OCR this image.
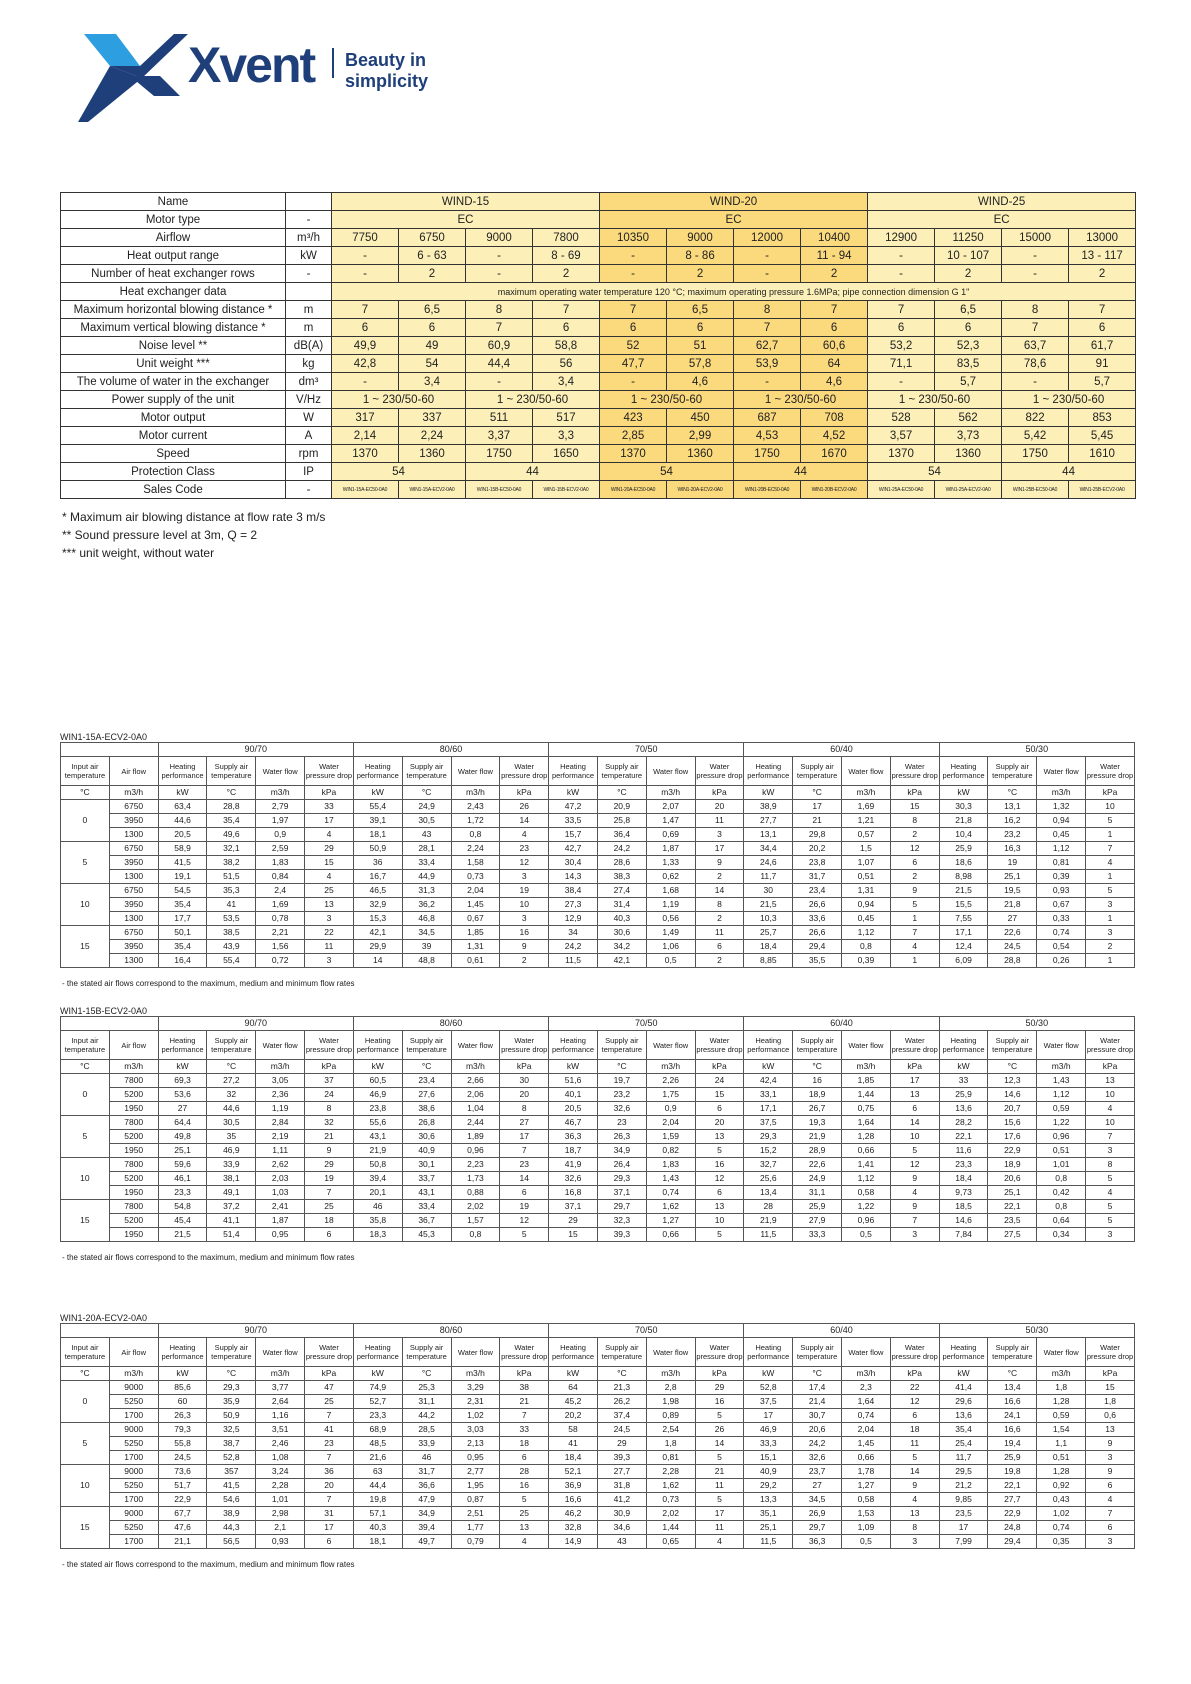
Xvent Beauty in simplicity
Name		WIND-15				WIND-20				WIND-25			
Motor type	-	EC				EC				EC			
Airflow	m³/h	7750	6750	9000	7800	10350	9000	12000	10400	12900	11250	15000	13000
Heat output range	kW	-	6 - 63	-	8 - 69	-	8 - 86	-	11 - 94	-	10 - 107	-	13 - 117
Number of heat exchanger rows	-	-	2	-	2	-	2	-	2	-	2	-	2
Heat exchanger data		maximum operating water temperature 120 °C; maximum operating pressure 1.6MPa; pipe connection dimension G 1"											
Maximum horizontal blowing distance *	m	7	6,5	8	7	7	6,5	8	7	7	6,5	8	7
Maximum vertical blowing distance *	m	6	6	7	6	6	6	7	6	6	6	7	6
Noise level **	dB(A)	49,9	49	60,9	58,8	52	51	62,7	60,6	53,2	52,3	63,7	61,7
Unit weight ***	kg	42,8	54	44,4	56	47,7	57,8	53,9	64	71,1	83,5	78,6	91
The volume of water in the exchanger	dm³	-	3,4	-	3,4	-	4,6	-	4,6	-	5,7	-	5,7
Power supply of the unit	V/Hz	1 ~ 230/50-60		1 ~ 230/50-60		1 ~ 230/50-60		1 ~ 230/50-60		1 ~ 230/50-60		1 ~ 230/50-60	
Motor output	W	317	337	511	517	423	450	687	708	528	562	822	853
Motor current	A	2,14	2,24	3,37	3,3	2,85	2,99	4,53	4,52	3,57	3,73	5,42	5,45
Speed	rpm	1370	1360	1750	1650	1370	1360	1750	1670	1370	1360	1750	1610
Protection Class	IP	54		44		54		44		54		44	
Sales Code	-	WIN1-15A-EC50-0A0	WIN1-15A-ECV2-0A0	WIN1-15B-EC50-0A0	WIN1-15B-ECV2-0A0	WIN1-20A-EC50-0A0	WIN1-20A-ECV2-0A0	WIN1-20B-EC50-0A0	WIN1-20B-ECV2-0A0	WIN1-25A-EC50-0A0	WIN1-25A-ECV2-0A0	WIN1-25B-EC50-0A0	WIN1-25B-ECV2-0A0
* Maximum air blowing distance at flow rate 3 m/s
** Sound pressure level at 3m, Q = 2
*** unit weight, without water
WIN1-15A-ECV2-0A0
		90/70				80/60				70/50				60/40				50/30			
Input air temperature	Air flow	Heating performance	Supply air temperature	Water flow	Water pressure drop	Heating performance	Supply air temperature	Water flow	Water pressure drop	Heating performance	Supply air temperature	Water flow	Water pressure drop	Heating performance	Supply air temperature	Water flow	Water pressure drop	Heating performance	Supply air temperature	Water flow	Water pressure drop
°C	m3/h	kW	°C	m3/h	kPa	kW	°C	m3/h	kPa	kW	°C	m3/h	kPa	kW	°C	m3/h	kPa	kW	°C	m3/h	kPa
0	6750	63,4	28,8	2,79	33	55,4	24,9	2,43	26	47,2	20,9	2,07	20	38,9	17	1,69	15	30,3	13,1	1,32	10
	3950	44,6	35,4	1,97	17	39,1	30,5	1,72	14	33,5	25,8	1,47	11	27,7	21	1,21	8	21,8	16,2	0,94	5
	1300	20,5	49,6	0,9	4	18,1	43	0,8	4	15,7	36,4	0,69	3	13,1	29,8	0,57	2	10,4	23,2	0,45	1
5	6750	58,9	32,1	2,59	29	50,9	28,1	2,24	23	42,7	24,2	1,87	17	34,4	20,2	1,5	12	25,9	16,3	1,12	7
	3950	41,5	38,2	1,83	15	36	33,4	1,58	12	30,4	28,6	1,33	9	24,6	23,8	1,07	6	18,6	19	0,81	4
	1300	19,1	51,5	0,84	4	16,7	44,9	0,73	3	14,3	38,3	0,62	2	11,7	31,7	0,51	2	8,98	25,1	0,39	1
10	6750	54,5	35,3	2,4	25	46,5	31,3	2,04	19	38,4	27,4	1,68	14	30	23,4	1,31	9	21,5	19,5	0,93	5
	3950	35,4	41	1,69	13	32,9	36,2	1,45	10	27,3	31,4	1,19	8	21,5	26,6	0,94	5	15,5	21,8	0,67	3
	1300	17,7	53,5	0,78	3	15,3	46,8	0,67	3	12,9	40,3	0,56	2	10,3	33,6	0,45	1	7,55	27	0,33	1
15	6750	50,1	38,5	2,21	22	42,1	34,5	1,85	16	34	30,6	1,49	11	25,7	26,6	1,12	7	17,1	22,6	0,74	3
	3950	35,4	43,9	1,56	11	29,9	39	1,31	9	24,2	34,2	1,06	6	18,4	29,4	0,8	4	12,4	24,5	0,54	2
	1300	16,4	55,4	0,72	3	14	48,8	0,61	2	11,5	42,1	0,5	2	8,85	35,5	0,39	1	6,09	28,8	0,26	1
- the stated air flows correspond to the maximum, medium and minimum flow rates
WIN1-15B-ECV2-0A0
		90/70				80/60				70/50				60/40				50/30			
Input air temperature	Air flow	Heating performance	Supply air temperature	Water flow	Water pressure drop	Heating performance	Supply air temperature	Water flow	Water pressure drop	Heating performance	Supply air temperature	Water flow	Water pressure drop	Heating performance	Supply air temperature	Water flow	Water pressure drop	Heating performance	Supply air temperature	Water flow	Water pressure drop
°C	m3/h	kW	°C	m3/h	kPa	kW	°C	m3/h	kPa	kW	°C	m3/h	kPa	kW	°C	m3/h	kPa	kW	°C	m3/h	kPa
0	7800	69,3	27,2	3,05	37	60,5	23,4	2,66	30	51,6	19,7	2,26	24	42,4	16	1,85	17	33	12,3	1,43	13
	5200	53,6	32	2,36	24	46,9	27,6	2,06	20	40,1	23,2	1,75	15	33,1	18,9	1,44	13	25,9	14,6	1,12	10
	1950	27	44,6	1,19	8	23,8	38,6	1,04	8	20,5	32,6	0,9	6	17,1	26,7	0,75	6	13,6	20,7	0,59	4
5	7800	64,4	30,5	2,84	32	55,6	26,8	2,44	27	46,7	23	2,04	20	37,5	19,3	1,64	14	28,2	15,6	1,22	10
	5200	49,8	35	2,19	21	43,1	30,6	1,89	17	36,3	26,3	1,59	13	29,3	21,9	1,28	10	22,1	17,6	0,96	7
	1950	25,1	46,9	1,11	9	21,9	40,9	0,96	7	18,7	34,9	0,82	5	15,2	28,9	0,66	5	11,6	22,9	0,51	3
10	7800	59,6	33,9	2,62	29	50,8	30,1	2,23	23	41,9	26,4	1,83	16	32,7	22,6	1,41	12	23,3	18,9	1,01	8
	5200	46,1	38,1	2,03	19	39,4	33,7	1,73	14	32,6	29,3	1,43	12	25,6	24,9	1,12	9	18,4	20,6	0,8	5
	1950	23,3	49,1	1,03	7	20,1	43,1	0,88	6	16,8	37,1	0,74	6	13,4	31,1	0,58	4	9,73	25,1	0,42	4
15	7800	54,8	37,2	2,41	25	46	33,4	2,02	19	37,1	29,7	1,62	13	28	25,9	1,22	9	18,5	22,1	0,8	5
	5200	45,4	41,1	1,87	18	35,8	36,7	1,57	12	29	32,3	1,27	10	21,9	27,9	0,96	7	14,6	23,5	0,64	5
	1950	21,5	51,4	0,95	6	18,3	45,3	0,8	5	15	39,3	0,66	5	11,5	33,3	0,5	3	7,84	27,5	0,34	3
- the stated air flows correspond to the maximum, medium and minimum flow rates
WIN1-20A-ECV2-0A0
		90/70				80/60				70/50				60/40				50/30			
Input air temperature	Air flow	Heating performance	Supply air temperature	Water flow	Water pressure drop	Heating performance	Supply air temperature	Water flow	Water pressure drop	Heating performance	Supply air temperature	Water flow	Water pressure drop	Heating performance	Supply air temperature	Water flow	Water pressure drop	Heating performance	Supply air temperature	Water flow	Water pressure drop
°C	m3/h	kW	°C	m3/h	kPa	kW	°C	m3/h	kPa	kW	°C	m3/h	kPa	kW	°C	m3/h	kPa	kW	°C	m3/h	kPa
0	9000	85,6	29,3	3,77	47	74,9	25,3	3,29	38	64	21,3	2,8	29	52,8	17,4	2,3	22	41,4	13,4	1,8	15
	5250	60	35,9	2,64	25	52,7	31,1	2,31	21	45,2	26,2	1,98	16	37,5	21,4	1,64	12	29,6	16,6	1,28	1,8
	1700	26,3	50,9	1,16	7	23,3	44,2	1,02	7	20,2	37,4	0,89	5	17	30,7	0,74	6	13,6	24,1	0,59	0,6
5	9000	79,3	32,5	3,51	41	68,9	28,5	3,03	33	58	24,5	2,54	26	46,9	20,6	2,04	18	35,4	16,6	1,54	13
	5250	55,8	38,7	2,46	23	48,5	33,9	2,13	18	41	29	1,8	14	33,3	24,2	1,45	11	25,4	19,4	1,1	9
	1700	24,5	52,8	1,08	7	21,6	46	0,95	6	18,4	39,3	0,81	5	15,1	32,6	0,66	5	11,7	25,9	0,51	3
10	9000	73,6	357	3,24	36	63	31,7	2,77	28	52,1	27,7	2,28	21	40,9	23,7	1,78	14	29,5	19,8	1,28	9
	5250	51,7	41,5	2,28	20	44,4	36,6	1,95	16	36,9	31,8	1,62	11	29,2	27	1,27	9	21,2	22,1	0,92	6
	1700	22,9	54,6	1,01	7	19,8	47,9	0,87	5	16,6	41,2	0,73	5	13,3	34,5	0,58	4	9,85	27,7	0,43	4
15	9000	67,7	38,9	2,98	31	57,1	34,9	2,51	25	46,2	30,9	2,02	17	35,1	26,9	1,53	13	23,5	22,9	1,02	7
	5250	47,6	44,3	2,1	17	40,3	39,4	1,77	13	32,8	34,6	1,44	11	25,1	29,7	1,09	8	17	24,8	0,74	6
	1700	21,1	56,5	0,93	6	18,1	49,7	0,79	4	14,9	43	0,65	4	11,5	36,3	0,5	3	7,99	29,4	0,35	3
- the stated air flows correspond to the maximum, medium and minimum flow rates
